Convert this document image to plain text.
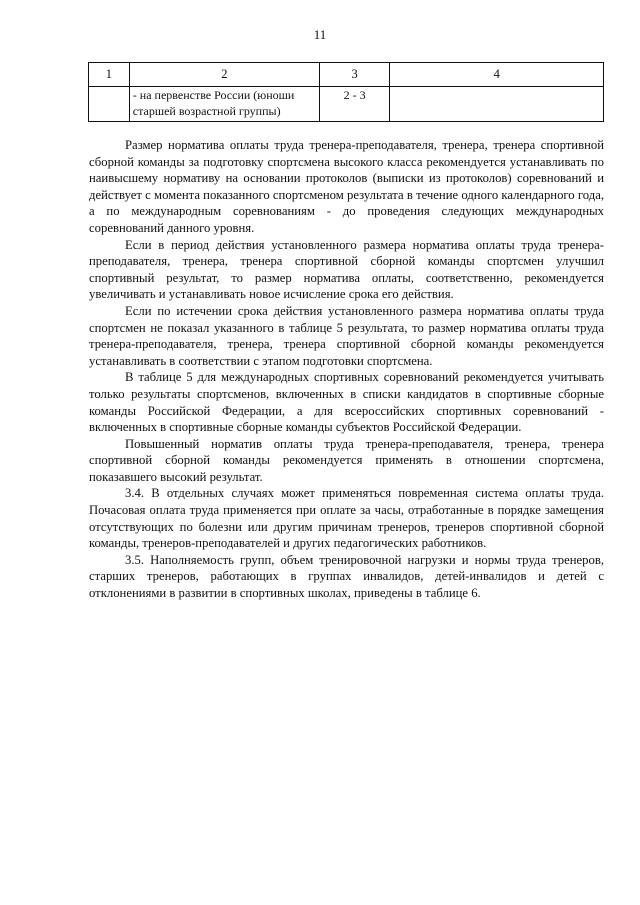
11
1	2	3	4
	- на первенстве России (юноши старшей возрастной группы)	2 - 3	

Размер норматива оплаты труда тренера-преподавателя, тренера, тренера спортивной сборной команды за подготовку спортсмена высокого класса рекомендуется устанавливать по наивысшему нормативу на основании протоколов (выписки из протоколов) соревнований и действует с момента показанного спортсменом результата в течение одного календарного года, а по международным соревнованиям - до проведения следующих международных соревнований данного уровня.

Если в период действия установленного размера норматива оплаты труда тренера-преподавателя, тренера, тренера спортивной сборной команды спортсмен улучшил спортивный результат, то размер норматива оплаты, соответственно, рекомендуется увеличивать и устанавливать новое исчисление срока его действия.

Если по истечении срока действия установленного размера норматива оплаты труда спортсмен не показал указанного в таблице 5 результата, то размер норматива оплаты труда тренера-преподавателя, тренера, тренера спортивной сборной команды рекомендуется устанавливать в соответствии с этапом подготовки спортсмена.

В таблице 5 для международных спортивных соревнований рекомендуется учитывать только результаты спортсменов, включенных в списки кандидатов в спортивные сборные команды Российской Федерации, а для всероссийских спортивных соревнований - включенных в спортивные сборные команды субъектов Российской Федерации.

Повышенный норматив оплаты труда тренера-преподавателя, тренера, тренера спортивной сборной команды рекомендуется применять в отношении спортсмена, показавшего высокий результат.

3.4. В отдельных случаях может применяться повременная система оплаты труда. Почасовая оплата труда применяется при оплате за часы, отработанные в порядке замещения отсутствующих по болезни или другим причинам тренеров, тренеров спортивной сборной команды, тренеров-преподавателей и других педагогических работников.

3.5. Наполняемость групп, объем тренировочной нагрузки и нормы труда тренеров, старших тренеров, работающих в группах инвалидов, детей-инвалидов и детей с отклонениями в развитии в спортивных школах, приведены в таблице 6.
